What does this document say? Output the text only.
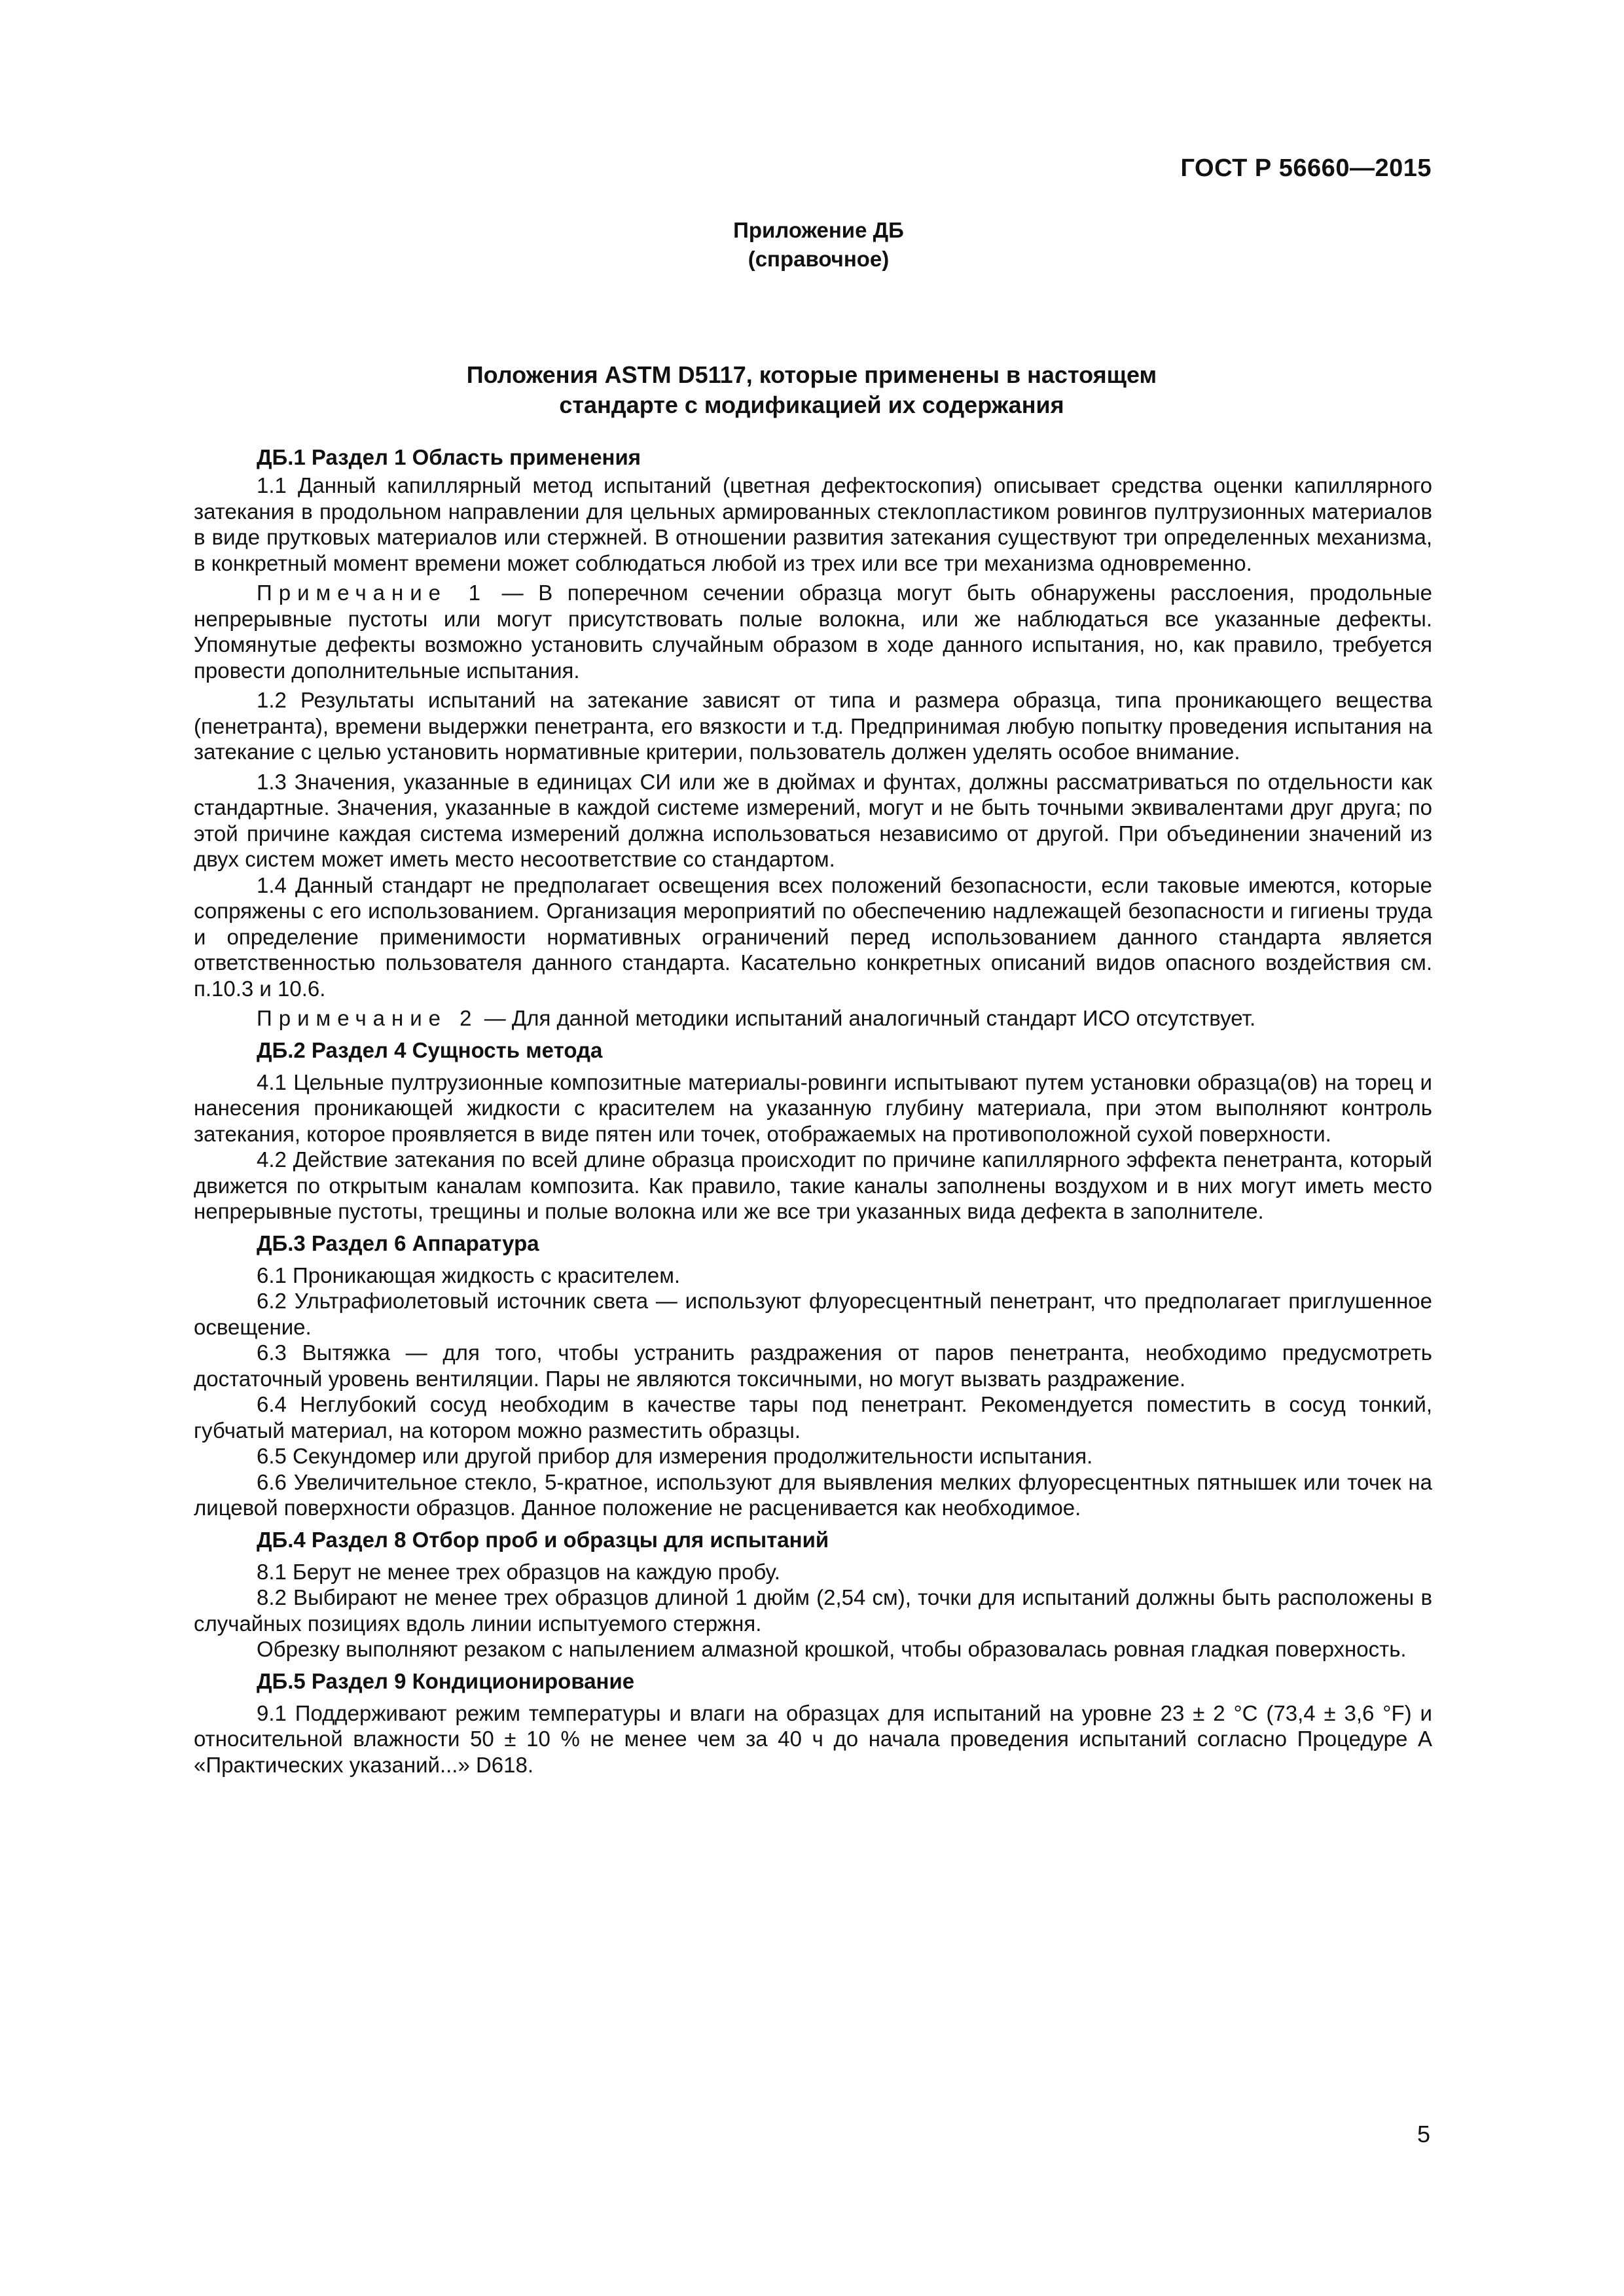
ГОСТ Р 56660—2015
Приложение ДБ
(справочное)
Положения ASTM D5117, которые применены в настоящем
стандарте с модификацией их содержания
ДБ.1 Раздел 1 Область применения

1.1 Данный капиллярный метод испытаний (цветная дефектоскопия) описывает средства оценки капиллярного затекания в продольном направлении для цельных армированных стеклопластиком ровингов пултрузионных материалов в виде прутковых материалов или стержней. В отношении развития затекания существуют три определенных механизма, в конкретный момент времени может соблюдаться любой из трех или все три механизма одновременно.

Примечание 1 — В поперечном сечении образца могут быть обнаружены расслоения, продольные непрерывные пустоты или могут присутствовать полые волокна, или же наблюдаться все указанные дефекты. Упомянутые дефекты возможно установить случайным образом в ходе данного испытания, но, как правило, требуется провести дополнительные испытания.

1.2 Результаты испытаний на затекание зависят от типа и размера образца, типа проникающего вещества (пенетранта), времени выдержки пенетранта, его вязкости и т.д. Предпринимая любую попытку проведения испытания на затекание с целью установить нормативные критерии, пользователь должен уделять особое внимание.

1.3 Значения, указанные в единицах СИ или же в дюймах и фунтах, должны рассматриваться по отдельности как стандартные. Значения, указанные в каждой системе измерений, могут и не быть точными эквивалентами друг друга; по этой причине каждая система измерений должна использоваться независимо от другой. При объединении значений из двух систем может иметь место несоответствие со стандартом.

1.4 Данный стандарт не предполагает освещения всех положений безопасности, если таковые имеются, которые сопряжены с его использованием. Организация мероприятий по обеспечению надлежащей безопасности и гигиены труда и определение применимости нормативных ограничений перед использованием данного стандарта является ответственностью пользователя данного стандарта. Касательно конкретных описаний видов опасного воздействия см. п.10.3 и 10.6.

Примечание 2 — Для данной методики испытаний аналогичный стандарт ИСО отсутствует.

ДБ.2 Раздел 4 Сущность метода

4.1 Цельные пултрузионные композитные материалы-ровинги испытывают путем установки образца(ов) на торец и нанесения проникающей жидкости с красителем на указанную глубину материала, при этом выполняют контроль затекания, которое проявляется в виде пятен или точек, отображаемых на противоположной сухой поверхности.

4.2 Действие затекания по всей длине образца происходит по причине капиллярного эффекта пенетранта, который движется по открытым каналам композита. Как правило, такие каналы заполнены воздухом и в них могут иметь место непрерывные пустоты, трещины и полые волокна или же все три указанных вида дефекта в заполнителе.

ДБ.3 Раздел 6 Аппаратура

6.1 Проникающая жидкость с красителем.

6.2 Ультрафиолетовый источник света — используют флуоресцентный пенетрант, что предполагает приглушенное освещение.

6.3 Вытяжка — для того, чтобы устранить раздражения от паров пенетранта, необходимо предусмотреть достаточный уровень вентиляции. Пары не являются токсичными, но могут вызвать раздражение.

6.4 Неглубокий сосуд необходим в качестве тары под пенетрант. Рекомендуется поместить в сосуд тонкий, губчатый материал, на котором можно разместить образцы.

6.5 Секундомер или другой прибор для измерения продолжительности испытания.

6.6 Увеличительное стекло, 5-кратное, используют для выявления мелких флуоресцентных пятнышек или точек на лицевой поверхности образцов. Данное положение не расценивается как необходимое.

ДБ.4 Раздел 8 Отбор проб и образцы для испытаний

8.1 Берут не менее трех образцов на каждую пробу.

8.2 Выбирают не менее трех образцов длиной 1 дюйм (2,54 см), точки для испытаний должны быть расположены в случайных позициях вдоль линии испытуемого стержня.

Обрезку выполняют резаком с напылением алмазной крошкой, чтобы образовалась ровная гладкая поверхность.

ДБ.5 Раздел 9 Кондиционирование

9.1 Поддерживают режим температуры и влаги на образцах для испытаний на уровне 23 ± 2 °С (73,4 ± 3,6 °F) и относительной влажности 50 ± 10 % не менее чем за 40 ч до начала проведения испытаний согласно Процедуре А «Практических указаний...» D618.

5
